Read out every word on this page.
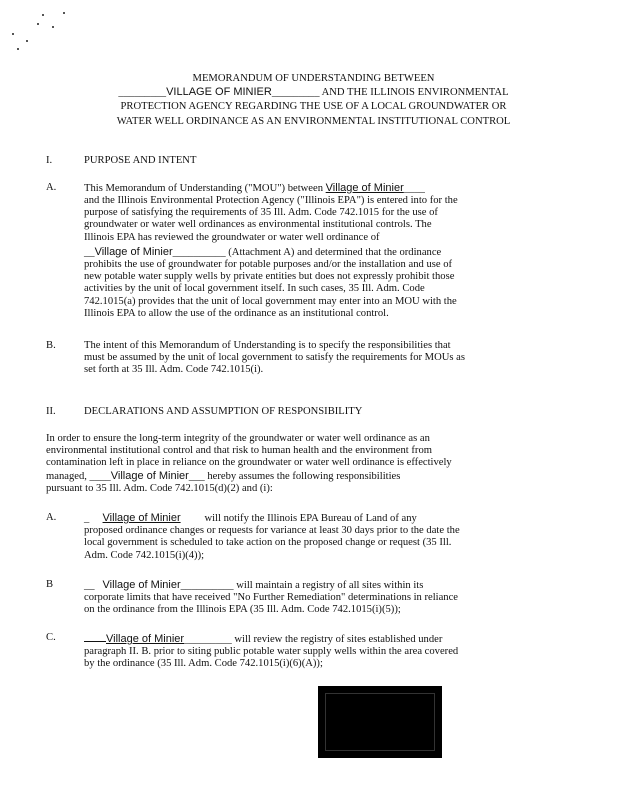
MEMORANDUM OF UNDERSTANDING BETWEEN
_________VILLAGE OF MINIER_________ AND THE ILLINOIS ENVIRONMENTAL
PROTECTION AGENCY REGARDING THE USE OF A LOCAL GROUNDWATER OR
WATER WELL ORDINANCE AS AN ENVIRONMENTAL INSTITUTIONAL CONTROL
I.	PURPOSE AND INTENT
A.	This Memorandum of Understanding ("MOU") between Village of Minier____
and the Illinois Environmental Protection Agency ("Illinois EPA") is entered into for the
purpose of satisfying the requirements of 35 Ill. Adm. Code 742.1015 for the use of
groundwater or water well ordinances as environmental institutional controls. The
Illinois EPA has reviewed the groundwater or water well ordinance of
__Village of Minier__________ (Attachment A) and determined that the ordinance
prohibits the use of groundwater for potable purposes and/or the installation and use of
new potable water supply wells by private entities but does not expressly prohibit those
activities by the unit of local government itself. In such cases, 35 Ill. Adm. Code
742.1015(a) provides that the unit of local government may enter into an MOU with the
Illinois EPA to allow the use of the ordinance as an institutional control.
B.	The intent of this Memorandum of Understanding is to specify the responsibilities that
must be assumed by the unit of local government to satisfy the requirements for MOUs as
set forth at 35 Ill. Adm. Code 742.1015(i).
II.	DECLARATIONS AND ASSUMPTION OF RESPONSIBILITY
In order to ensure the long-term integrity of the groundwater or water well ordinance as an
environmental institutional control and that risk to human health and the environment from
contamination left in place in reliance on the groundwater or water well ordinance is effectively
managed, ____Village of Minier___ hereby assumes the following responsibilities
pursuant to 35 Ill. Adm. Code 742.1015(d)(2) and (i):
A.	_ Village of Minier will notify the Illinois EPA Bureau of Land of any
proposed ordinance changes or requests for variance at least 30 days prior to the date the
local government is scheduled to take action on the proposed change or request (35 Ill.
Adm. Code 742.1015(i)(4));
B	__ Village of Minier__________ will maintain a registry of all sites within its
corporate limits that have received "No Further Remediation" determinations in reliance
on the ordinance from the Illinois EPA (35 Ill. Adm. Code 742.1015(i)(5));
C.	Village of Minier_________ will review the registry of sites established under
paragraph II. B. prior to siting public potable water supply wells within the area covered
by the ordinance (35 Ill. Adm. Code 742.1015(i)(6)(A));
